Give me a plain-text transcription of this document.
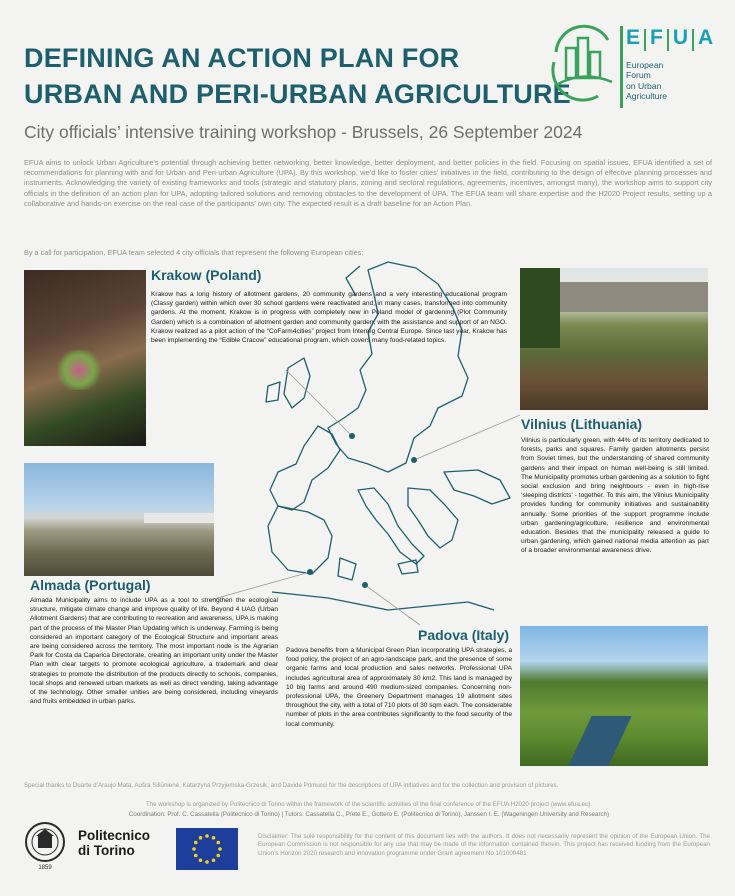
DEFINING AN ACTION PLAN FOR
URBAN AND PERI-URBAN AGRICULTURE
E F U A
European
Forum
on Urban
Agriculture
City officials’ intensive training workshop - Brussels, 26 September 2024
EFUA aims to unlock Urban Agriculture’s potential through achieving better networking, better knowledge, better deployment, and better policies in the field. Focusing on spatial issues, EFUA identified a set of recommendations for planning with and for Urban and Peri-urban Agriculture (UPA). By this workshop, we’d like to foster cities’ initiatives in the field, contributing to the design of effective planning processes and instruments. Acknowledging the variety of existing frameworks and tools (strategic and statutory plans, zoning and sectoral regulations, agreements, incentives, amongst many), the workshop aims to support city officials in the definition of an action plan for UPA, adopting tailored solutions and removing obstacles to the development of UPA. The EFUA team will share expertise and the H2020 Project results, setting up a collaborative and hands-on exercise on the real case of the participants’ own city. The expected result is a draft baseline for an Action Plan.
By a call for participation, EFUA team selected 4 city officials that represent the following European cities:
Krakow (Poland)
Krakow has a long history of allotment gardens, 20 community gardens and a very interesting educational program (Classy garden) within which over 30 school gardens were reactivated and, in many cases, transformed into community gardens. At the moment, Krakow is in progress with completely new in Poland model of gardening (Plot Community Garden) which is a combination of allotment garden and community garden, with the assistance and support of an NGO. Krakow realized as a pilot action of the “CoFarm4cities” project from Interreg Central Europe. Since last year, Krakow has been implementing the “Edible Cracow” educational program, which covers many food-related topics.
Vilnius (Lithuania)
Vilnius is particularly green, with 44% of its territory dedicated to forests, parks and squares. Family garden allotments persist from Soviet times, but the understanding of shared community gardens and their impact on human well-being is still limited. The Municipality promotes urban gardening as a solution to fight social exclusion and bring neighbours - even in high-rise ‘sleeping districts’ - together. To this aim, the Vilnius Municipality provides funding for community initiatives and sustainability annually. Some priorities of the support programme include urban gardening/agriculture, resilience and environmental education. Besides that the municipality released a guide to urban gardening, which gained national media attention as part of a broader environmental awareness drive.
Almada (Portugal)
Almada Municipality aims to include UPA as a tool to strengthen the ecological structure, mitigate climate change and improve quality of life. Beyond 4 UAG (Urban Allotment Gardens) that are contributing to recreation and awareness, UPA is making part of the process of the Master Plan Updating which is underway. Farming is being considered an important category of the Ecological Structure and important areas are being considered across the territory. The most important node is the Agrarian Park for Costa da Caparica Directorate, creating an important unity under the Master Plan with clear targets to promote ecological agriculture, a trademark and clear strategies to promote the distribution of the products directly to schools, companies, local shops and renewed urban markets as well as direct vending, taking advantage of the technology. Other smaller unities are being considered, including vineyards and fruits embedded in urban parks.
Padova (Italy)
Padova benefits from a Municipal Green Plan incorporating UPA strategies, a food policy, the project of an agro-landscape park, and the presence of some organic farms and local production and sales networks. Professional UPA includes agricultural area of approximately 30 km2. This land is managed by 10 big farms and around 490 medium-sized companies. Concerning non-professional UPA, the Greenery Department manages 19 allotment sites throughout the city, with a total of 710 plots of 30 sqm each. The considerable number of plots in the area contributes significantly to the food security of the local community.
Special thanks to Duarte d’Araujo Mata, Aušra Siliūnienė, Katarzyna Przyjemska-Grzesik, and Davide Primucci for the descriptions of UPA initiatives and for the collection and provision of pictures.
The workshop is organized by Politecnico di Torino within the framework of the scientific activities of the final conference of the EFUA H2020 project (www.efua.eu).
Coordination: Prof. C. Cassatella (Politecnico di Torino) | Tutors: Cassatella C., Prete E., Gottero E. (Politecnico di Torino), Janssen I. E. (Wageningen University and Research)
1859
Politecnico
di Torino
Disclaimer: The sole responsibility for the content of this document lies with the authors. It does not necessarily represent the opinion of the European Union. The European Commission is not responsible for any use that may be made of the information contained therein. This project has received funding from the European Union’s Horizon 2020 research and innovation programme under Grant agreement No 101000481
